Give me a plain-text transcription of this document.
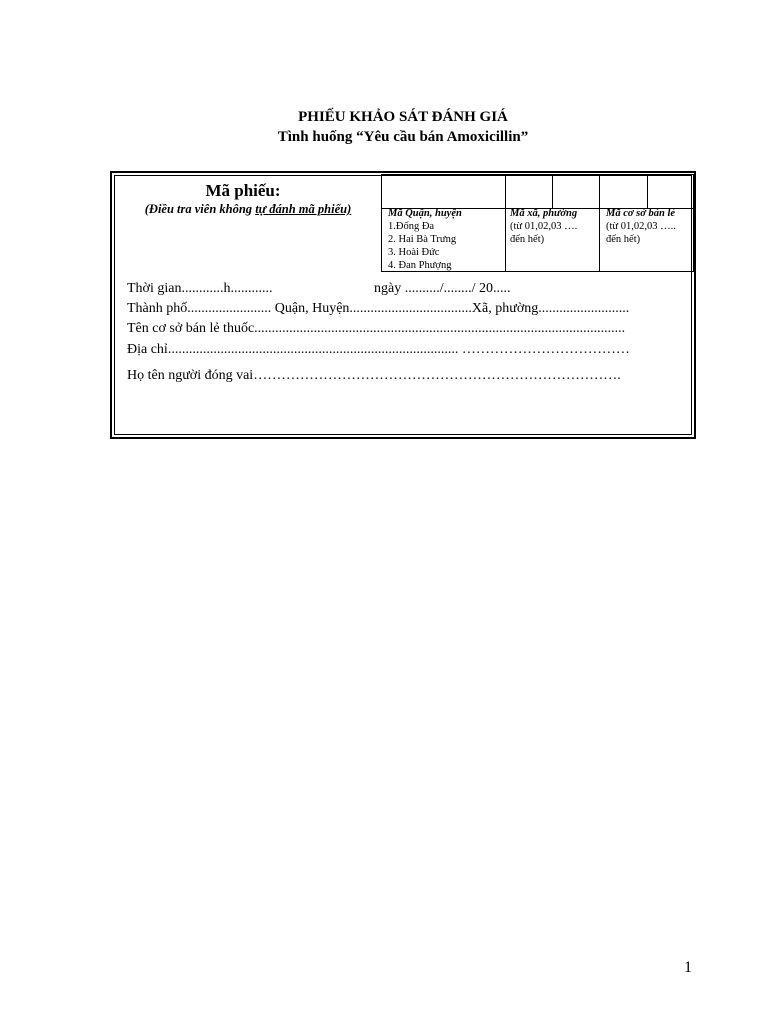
PHIẾU KHẢO SÁT ĐÁNH GIÁ
Tình huống “Yêu cầu bán Amoxicillin”
Mã phiếu:
(Điều tra viên không tự đánh mã phiếu)	Mã Quận, huyện
1.Đống Đa
2. Hai Bà Trưng
3. Hoài Đức
4. Đan Phượng
Mã xã, phường
(từ 01,02,03 ….
đến hết)
Mã cơ sở bán lẻ
(từ 01,02,03 …..
đến hết)
Thời gian............h............	ngày ........../......../ 20.....
Thành phố........................ Quận, Huyện...................................Xã, phường..........................
Tên cơ sở bán lẻ thuốc..........................................................................................................
Địa chỉ................................................................................... ………………………………
Họ tên người đóng vai…………………………………………………………………….
1
